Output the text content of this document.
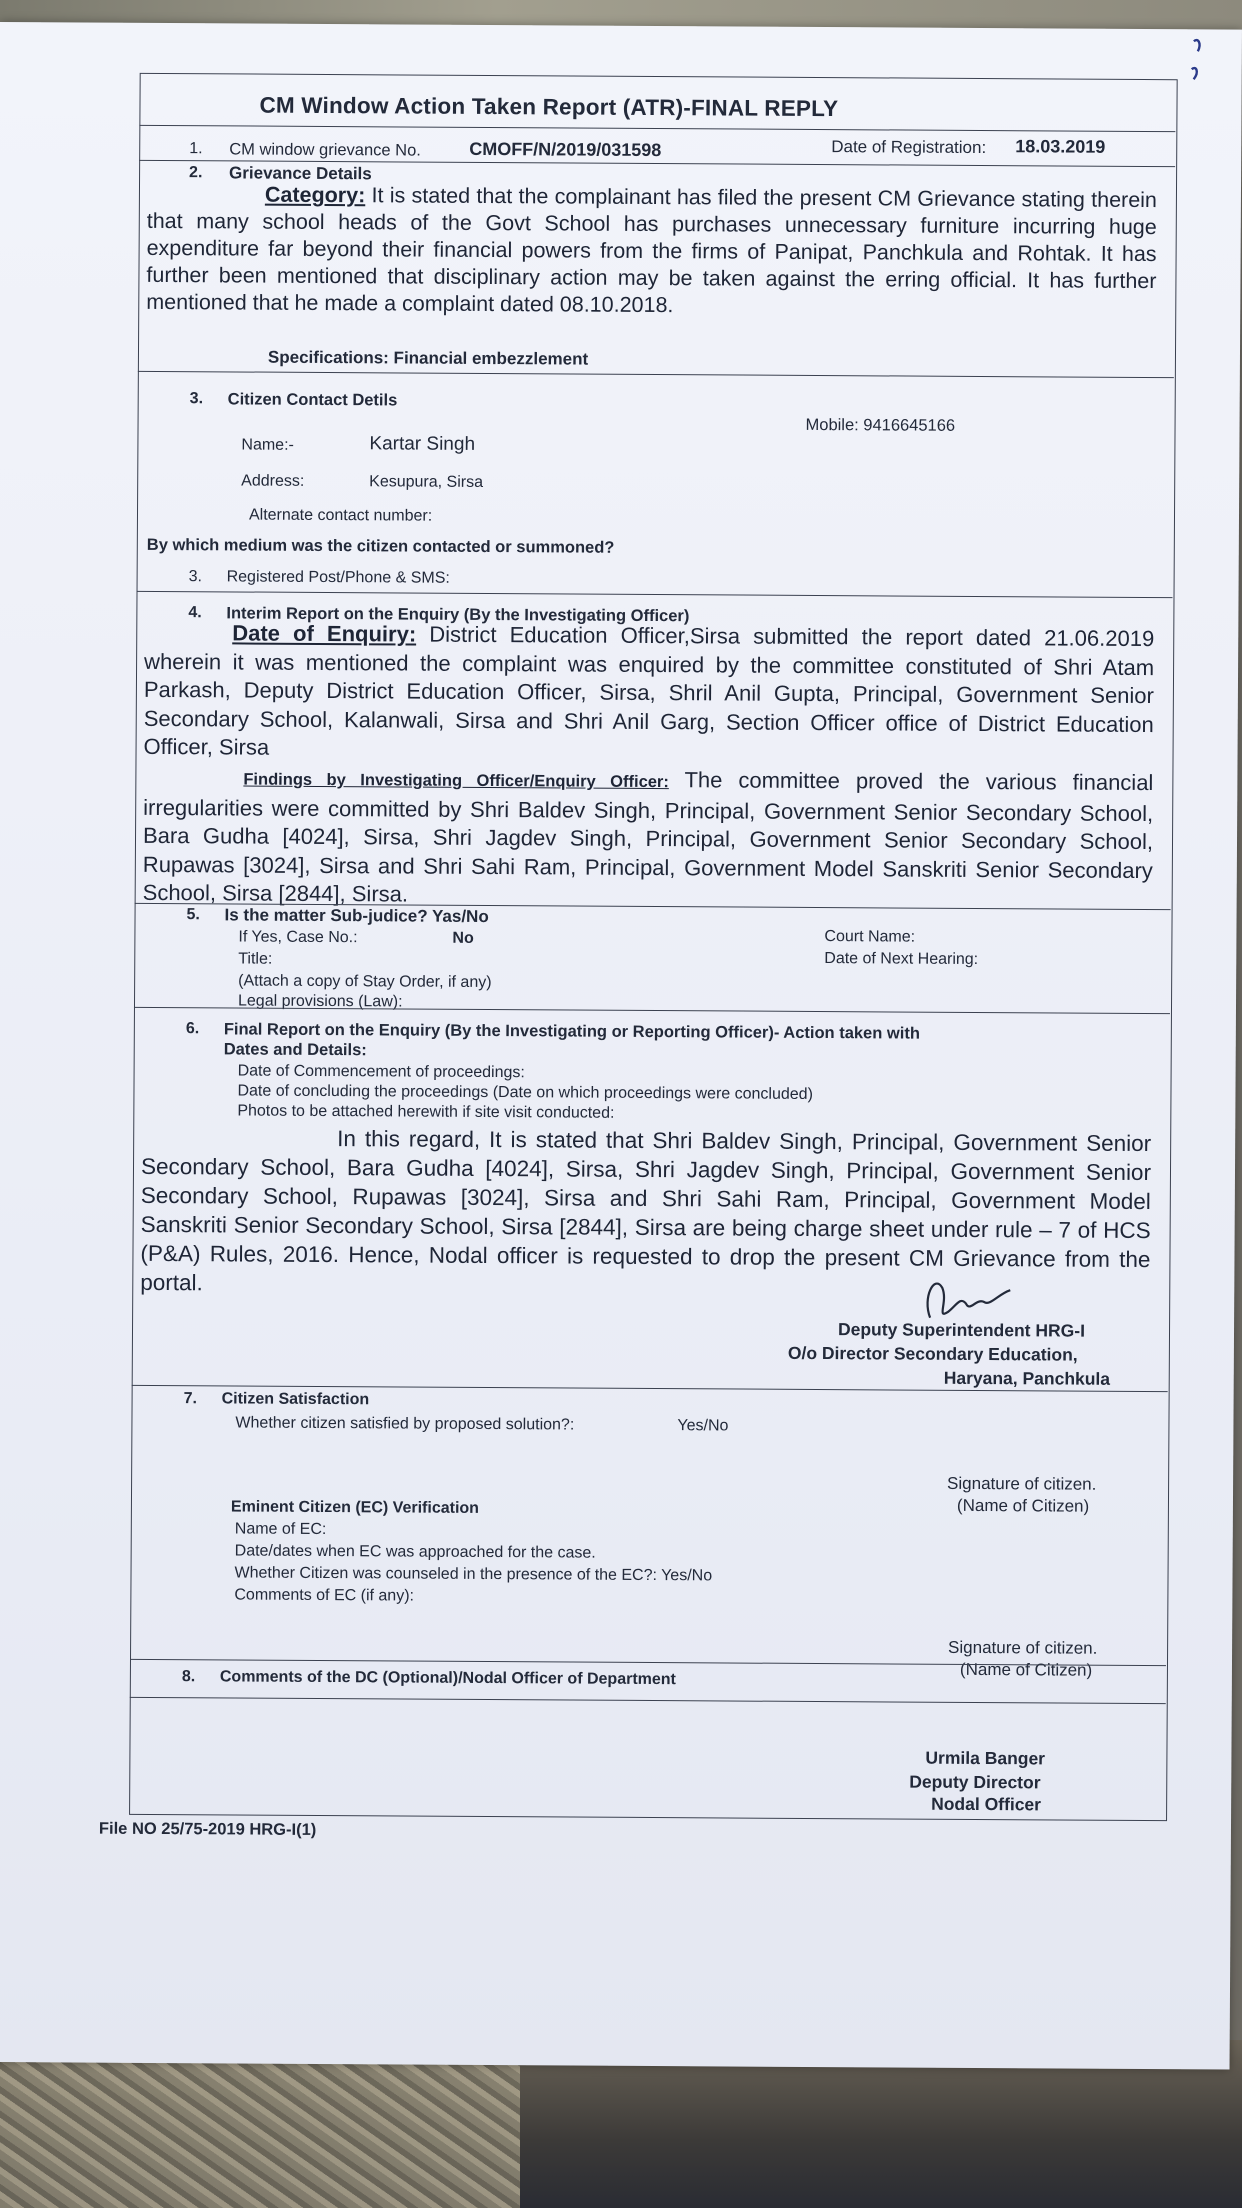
CM Window Action Taken Report (ATR)-FINAL REPLY
Date of Registration: 18.03.2019
1. CM window grievance No.	CMOFF/N/2019/031598
2. Grievance Details
Category: It is stated that the complainant has filed the present CM Grievance stating therein that many school heads of the Govt School has purchases unnecessary furniture incurring huge expenditure far beyond their financial powers from the firms of Panipat, Panchkula and Rohtak. It has further been mentioned that disciplinary action may be taken against the erring official. It has further mentioned that he made a complaint dated 08.10.2018.
Specifications: Financial embezzlement
3. Citizen Contact Detils
Name:-	Kartar Singh
Mobile: 9416645166
Address:	Kesupura, Sirsa
Alternate contact number:
By which medium was the citizen contacted or summoned?
3. Registered Post/Phone & SMS:
4. Interim Report on the Enquiry (By the Investigating Officer)
Date of Enquiry: District Education Officer,Sirsa submitted the report dated 21.06.2019 wherein it was mentioned the complaint was enquired by the committee constituted of Shri Atam Parkash, Deputy District Education Officer, Sirsa, Shril Anil Gupta, Principal, Government Senior Secondary School, Kalanwali, Sirsa and Shri Anil Garg, Section Officer office of District Education Officer, Sirsa
Findings by Investigating Officer/Enquiry Officer: The committee proved the various financial irregularities were committed by Shri Baldev Singh, Principal, Government Senior Secondary School, Bara Gudha [4024], Sirsa, Shri Jagdev Singh, Principal, Government Senior Secondary School, Rupawas [3024], Sirsa and Shri Sahi Ram, Principal, Government Model Sanskriti Senior Secondary School, Sirsa [2844], Sirsa.
5. Is the matter Sub-judice? Yas/No
If Yes, Case No.:	No	Court Name:
Title:	Date of Next Hearing:
(Attach a copy of Stay Order, if any)
Legal provisions (Law):
6. Final Report on the Enquiry (By the Investigating or Reporting Officer)- Action taken with
Dates and Details:
Date of Commencement of proceedings:
Date of concluding the proceedings (Date on which proceedings were concluded)
Photos to be attached herewith if site visit conducted:
In this regard, It is stated that Shri Baldev Singh, Principal, Government Senior Secondary School, Bara Gudha [4024], Sirsa, Shri Jagdev Singh, Principal, Government Senior Secondary School, Rupawas [3024], Sirsa and Shri Sahi Ram, Principal, Government Model Sanskriti Senior Secondary School, Sirsa [2844], Sirsa are being charge sheet under rule – 7 of HCS (P&A) Rules, 2016. Hence, Nodal officer is requested to drop the present CM Grievance from the portal.
Deputy Superintendent HRG-I
O/o Director Secondary Education,
Haryana, Panchkula
7. Citizen Satisfaction
Whether citizen satisfied by proposed solution?:	Yes/No
Signature of citizen.
(Name of Citizen)
Eminent Citizen (EC) Verification
Name of EC:
Date/dates when EC was approached for the case.
Whether Citizen was counseled in the presence of the EC?: Yes/No
Comments of EC (if any):
Signature of citizen.
(Name of Citizen)
8. Comments of the DC (Optional)/Nodal Officer of Department
Urmila Banger
Deputy Director
Nodal Officer
File NO 25/75-2019 HRG-I(1)
